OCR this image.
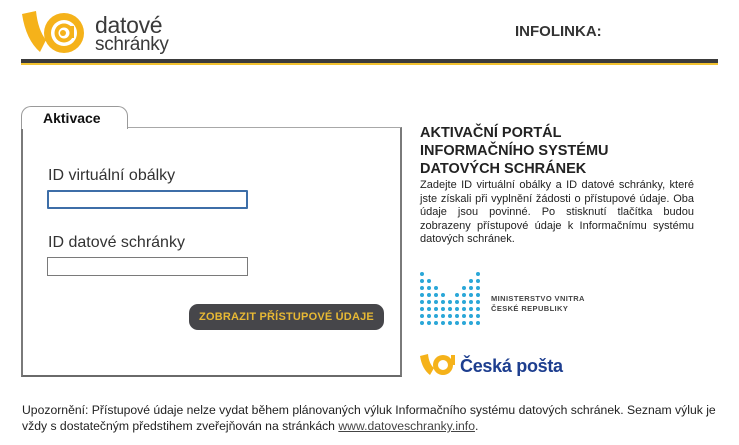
datové
schránky
INFOLINKA:
Aktivace
ID virtuální obálky
ID datové schránky
ZOBRAZIT PŘÍSTUPOVÉ ÚDAJE
AKTIVAČNÍ PORTÁL
INFORMAČNÍHO SYSTÉMU
DATOVÝCH SCHRÁNEK
Zadejte ID virtuální obálky a ID datové schránky, které jste získali při vyplnění žádosti o přístupové údaje. Oba údaje jsou povinné. Po stisknutí tlačítka budou zobrazeny přístupové údaje k Informačnímu systému datových schránek.
MINISTERSTVO VNITRA
ČESKÉ REPUBLIKY
Česká pošta
Upozornění: Přístupové údaje nelze vydat během plánovaných výluk Informačního systému datových schránek. Seznam výluk je vždy s dostatečným předstihem zveřejňován na stránkách www.datoveschranky.info.
